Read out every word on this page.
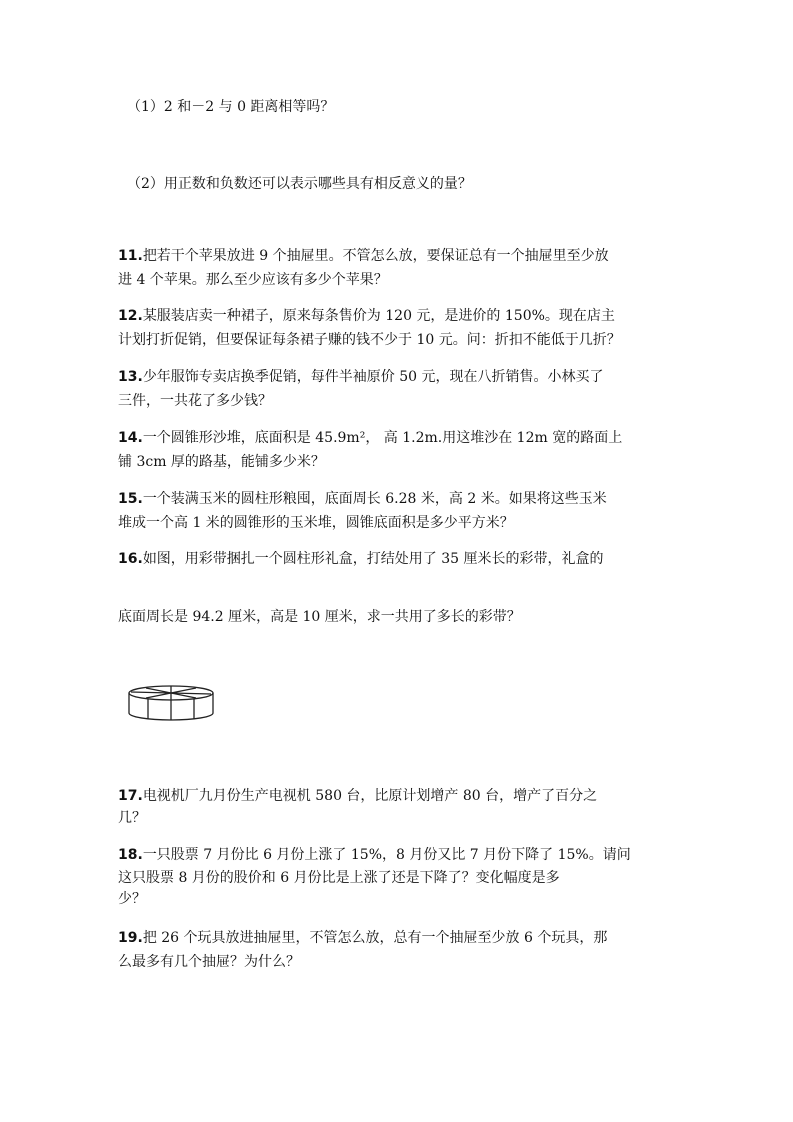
（1）2 和－2 与 0 距离相等吗？
（2）用正数和负数还可以表示哪些具有相反意义的量？
11.把若干个苹果放进 9 个抽屉里。不管怎么放，要保证总有一个抽屉里至少放
进 4 个苹果。那么至少应该有多少个苹果？
12.某服装店卖一种裙子，原来每条售价为 120 元，是进价的 150%。现在店主
计划打折促销，但要保证每条裙子赚的钱不少于 10 元。问：折扣不能低于几折？
13.少年服饰专卖店换季促销，每件半袖原价 50 元，现在八折销售。小林买了
三件，一共花了多少钱？
14.一个圆锥形沙堆，底面积是 45.9m²， 高 1.2m.用这堆沙在 12m 宽的路面上
铺 3cm 厚的路基，能铺多少米？
15.一个装满玉米的圆柱形粮囤，底面周长 6.28 米，高 2 米。如果将这些玉米
堆成一个高 1 米的圆锥形的玉米堆，圆锥底面积是多少平方米？
16.如图，用彩带捆扎一个圆柱形礼盒，打结处用了 35 厘米长的彩带，礼盒的
底面周长是 94.2 厘米，高是 10 厘米，求一共用了多长的彩带？
17.电视机厂九月份生产电视机 580 台，比原计划增产 80 台，增产了百分之
几？
18.一只股票 7 月份比 6 月份上涨了 15%，8 月份又比 7 月份下降了 15%。请问
这只股票 8 月份的股价和 6 月份比是上涨了还是下降了？变化幅度是多
少？
19.把 26 个玩具放进抽屉里，不管怎么放，总有一个抽屉至少放 6 个玩具，那
么最多有几个抽屉？为什么？
